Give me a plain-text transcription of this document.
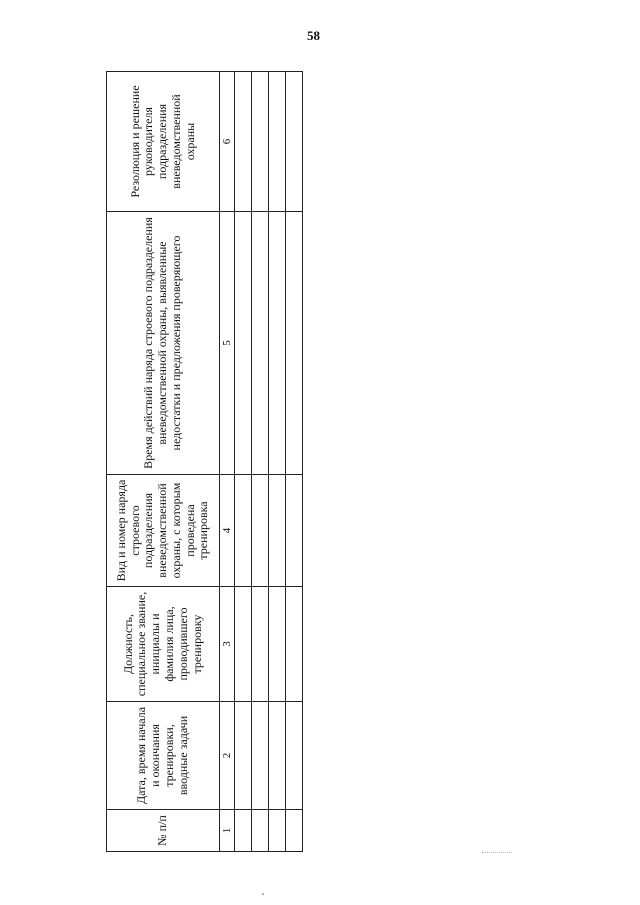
58
№ п/п	Дата, время начала и окончания тренировки, вводные задачи	Должность, специальное звание, инициалы и фамилия лица, проводившего тренировку	Вид и номер наряда строевого подразделения вневедомственной охраны, с которым проведена тренировка	Время действий наряда строевого подразделения вневедомственной охраны, выявленные недостатки и предложения проверяющего	Резолюция и решение руководителя подразделения вневедомственной охраны

1	2	3	4	5	6
